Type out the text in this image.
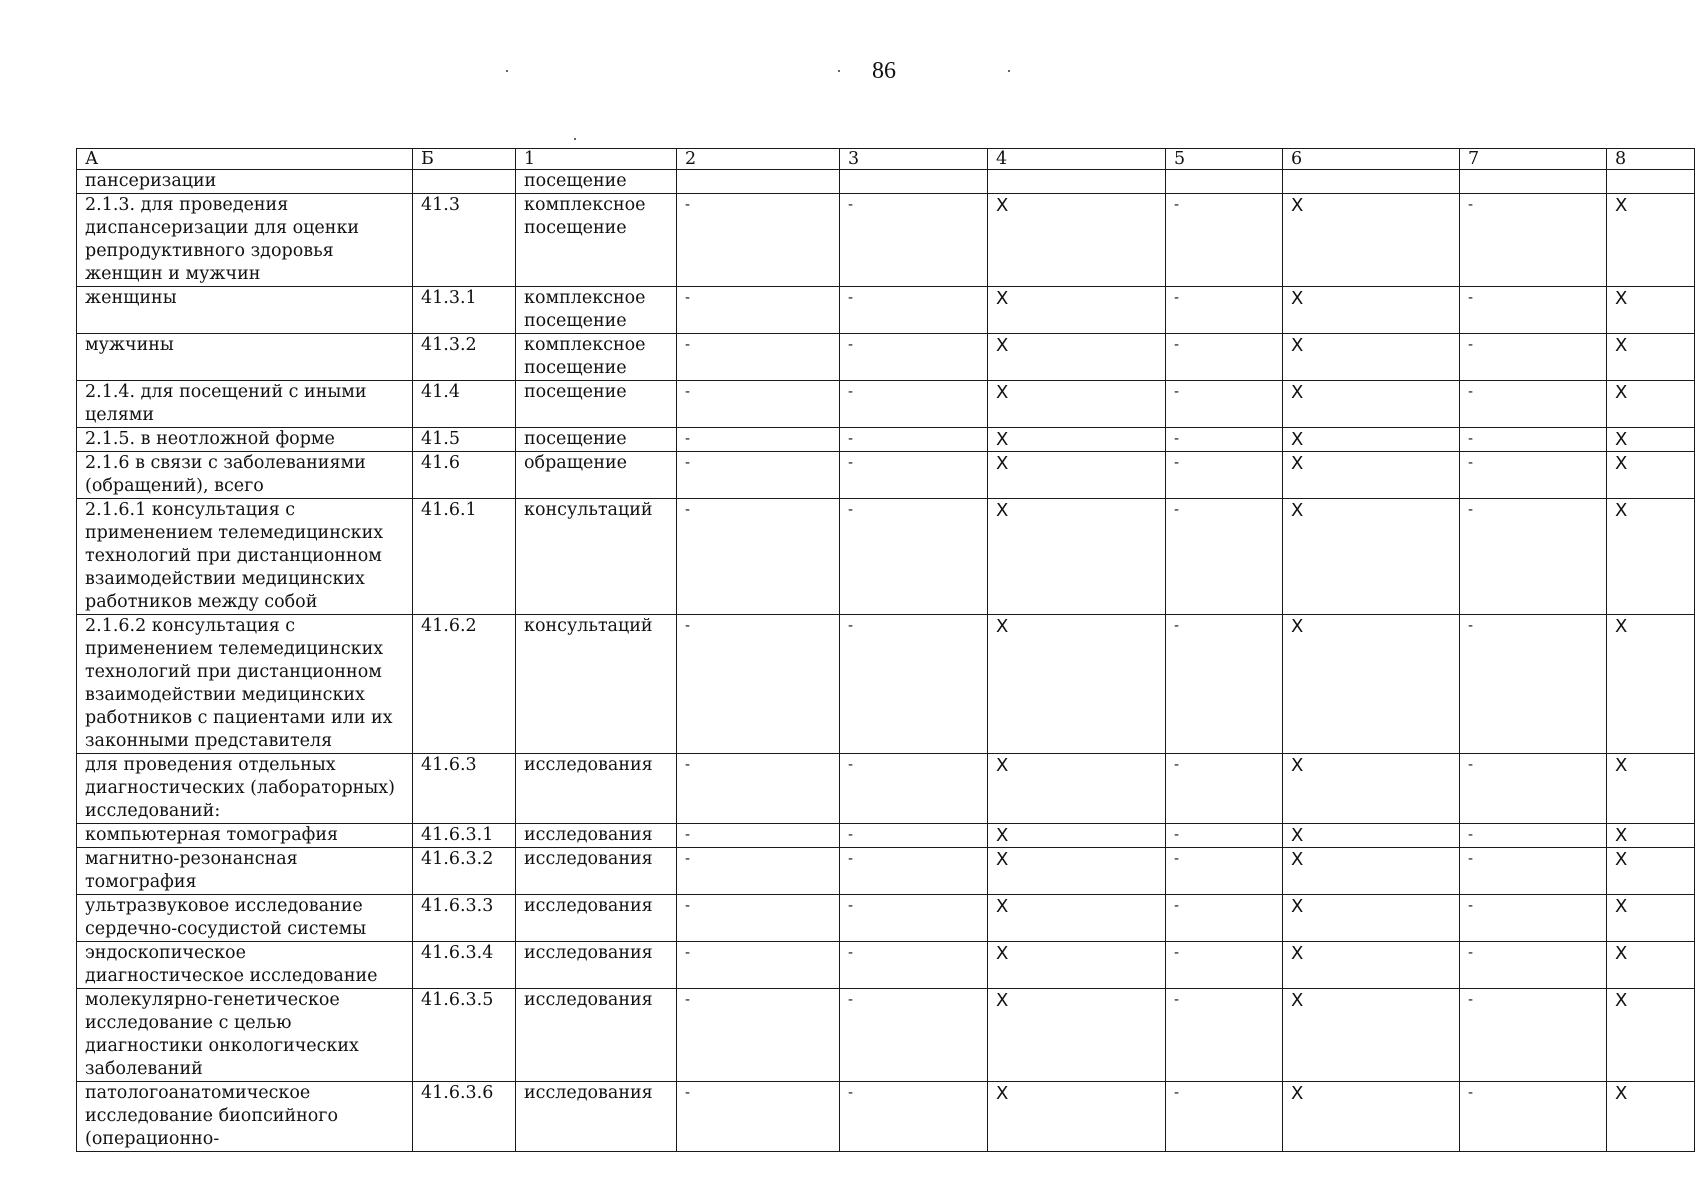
86
А	Б	1	2	3	4	5	6	7	8
пансеризации		посещение							
2.1.3. для проведения диспансеризации для оценки репродуктивного здоровья женщин и мужчин	41.3	комплексное посещение	-	-	X	-	X	-	X
женщины	41.3.1	комплексное посещение	-	-	X	-	X	-	X
мужчины	41.3.2	комплексное посещение	-	-	X	-	X	-	X
2.1.4. для посещений с иными целями	41.4	посещение	-	-	X	-	X	-	X
2.1.5. в неотложной форме	41.5	посещение	-	-	X	-	X	-	X
2.1.6 в связи с заболеваниями (обращений), всего	41.6	обращение	-	-	X	-	X	-	X
2.1.6.1 консультация с применением телемедицинских технологий при дистанционном взаимодействии медицинских работников между собой	41.6.1	консультаций	-	-	X	-	X	-	X
2.1.6.2 консультация с применением телемедицинских технологий при дистанционном взаимодействии медицинских работников с пациентами или их законными представителя	41.6.2	консультаций	-	-	X	-	X	-	X
для проведения отдельных диагностических (лабораторных) исследований:	41.6.3	исследования	-	-	X	-	X	-	X
компьютерная томография	41.6.3.1	исследования	-	-	X	-	X	-	X
магнитно-резонансная томография	41.6.3.2	исследования	-	-	X	-	X	-	X
ультразвуковое исследование сердечно-сосудистой системы	41.6.3.3	исследования	-	-	X	-	X	-	X
эндоскопическое диагностическое исследование	41.6.3.4	исследования	-	-	X	-	X	-	X
молекулярно-генетическое исследование с целью диагностики онкологических заболеваний	41.6.3.5	исследования	-	-	X	-	X	-	X
патологоанатомическое исследование биопсийного (операционно-	41.6.3.6	исследования	-	-	X	-	X	-	X
